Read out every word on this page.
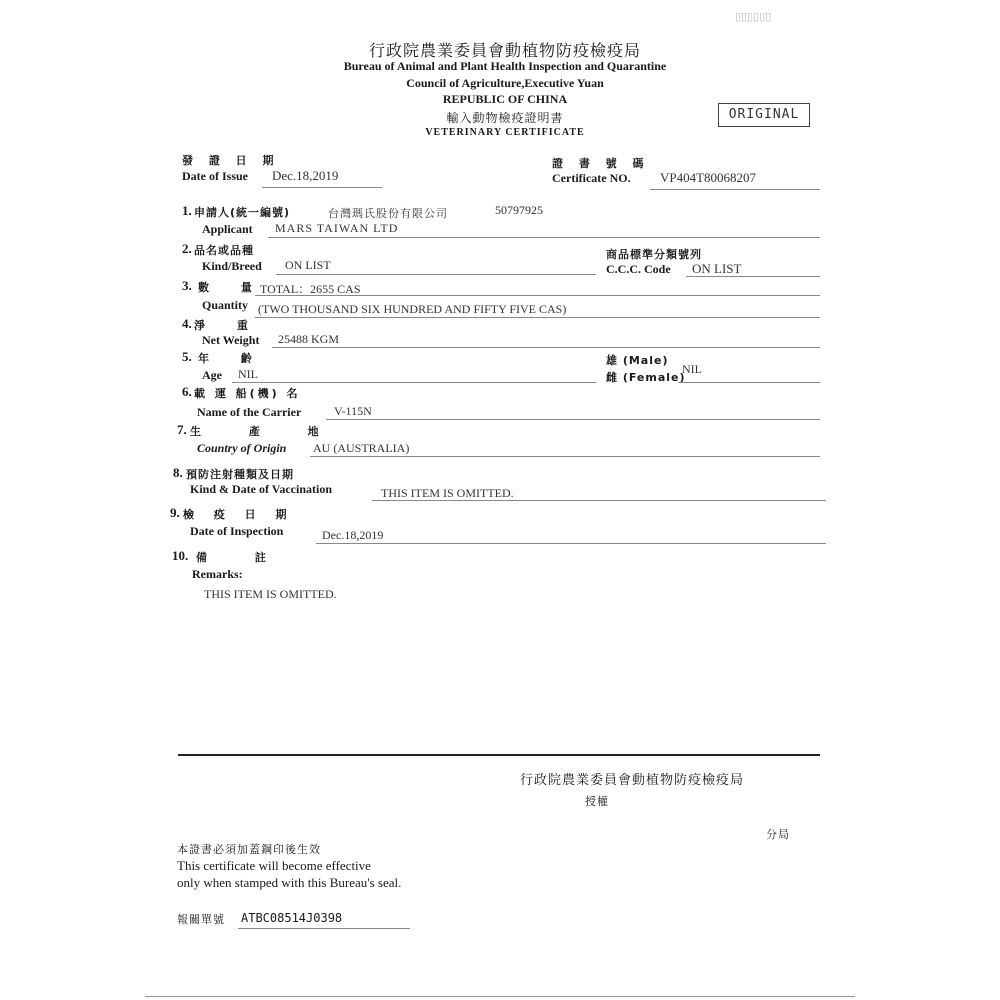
▯▯▯▯▯▯
行政院農業委員會動植物防疫檢疫局
Bureau of Animal and Plant Health Inspection and Quarantine
Council of Agriculture,Executive Yuan
REPUBLIC OF CHINA
輸入動物檢疫證明書
VETERINARY CERTIFICATE
ORIGINAL
發 證 日 期
Date of Issue Dec.18,2019
證 書 號 碼
Certificate NO. VP404T80068207
1. 申請人(統一編號)	台灣瑪氏股份有限公司	50797925
Applicant MARS TAIWAN LTD
2. 品名或品種
Kind/Breed ON LIST
商品標準分類號列
C.C.C. Code ON LIST
3. 數 量
TOTAL：2655 CAS
Quantity (TWO THOUSAND SIX HUNDRED AND FIFTY FIVE CAS)
4. 淨 重
Net Weight 25488 KGM
5. 年 齡
Age NIL
雄 (Male)
雌 (Female)
NIL
6. 載 運 船(機) 名
Name of the Carrier	V-115N
7. 生 產 地
Country of Origin AU (AUSTRALIA)
8. 預防注射種類及日期
Kind & Date of Vaccination	THIS ITEM IS OMITTED.
9. 檢 疫 日 期
Date of Inspection	Dec.18,2019
10. 備 註
Remarks:
THIS ITEM IS OMITTED.
行政院農業委員會動植物防疫檢疫局
授權
分局
本證書必須加蓋鋼印後生效
This certificate will become effective
only when stamped with this Bureau's seal.
報關單號 ATBC08514J0398
